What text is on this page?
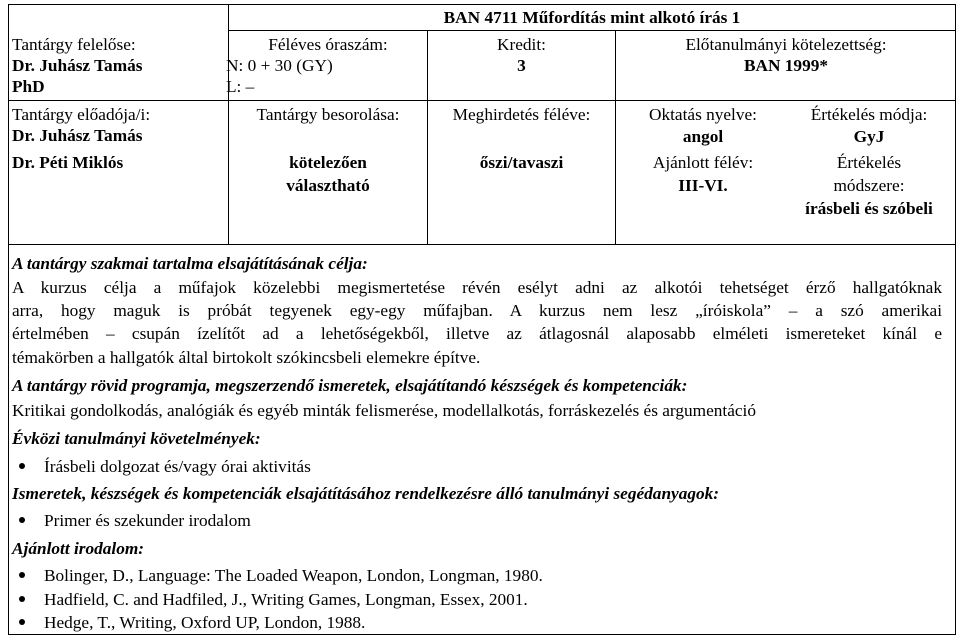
BAN 4711 Műfordítás mint alkotó írás 1
Tantárgy felelőse:
Dr. Juhász Tamás
PhD
Féléves óraszám:
N: 0 + 30 (GY)
L: –
Kredit:
3
Előtanulmányi kötelezettség:
BAN 1999*
Tantárgy előadója/i:
Dr. Juhász Tamás
Dr. Péti Miklós
Tantárgy besorolása:
kötelezően
választható
Meghirdetés féléve:
őszi/tavaszi
Oktatás nyelve:
angol
Ajánlott félév:
III-VI.
Értékelés módja:
GyJ
Értékelés
módszere:
írásbeli és szóbeli
A tantárgy szakmai tartalma elsajátításának célja:
A kurzus célja a műfajok közelebbi megismertetése révén esélyt adni az alkotói tehetséget érző hallgatóknak
arra, hogy maguk is próbát tegyenek egy-egy műfajban. A kurzus nem lesz „íróiskola” – a szó amerikai
értelmében – csupán ízelítőt ad a lehetőségekből, illetve az átlagosnál alaposabb elméleti ismereteket kínál e
témakörben a hallgatók által birtokolt szókincsbeli elemekre építve.
A tantárgy rövid programja, megszerzendő ismeretek, elsajátítandó készségek és kompetenciák:
Kritikai gondolkodás, analógiák és egyéb minták felismerése, modellalkotás, forráskezelés és argumentáció
Évközi tanulmányi követelmények:
Írásbeli dolgozat és/vagy órai aktivitás
Ismeretek, készségek és kompetenciák elsajátításához rendelkezésre álló tanulmányi segédanyagok:
Primer és szekunder irodalom
Ajánlott irodalom:
Bolinger, D., Language: The Loaded Weapon, London, Longman, 1980.
Hadfield, C. and Hadfiled, J., Writing Games, Longman, Essex, 2001.
Hedge, T., Writing, Oxford UP, London, 1988.
